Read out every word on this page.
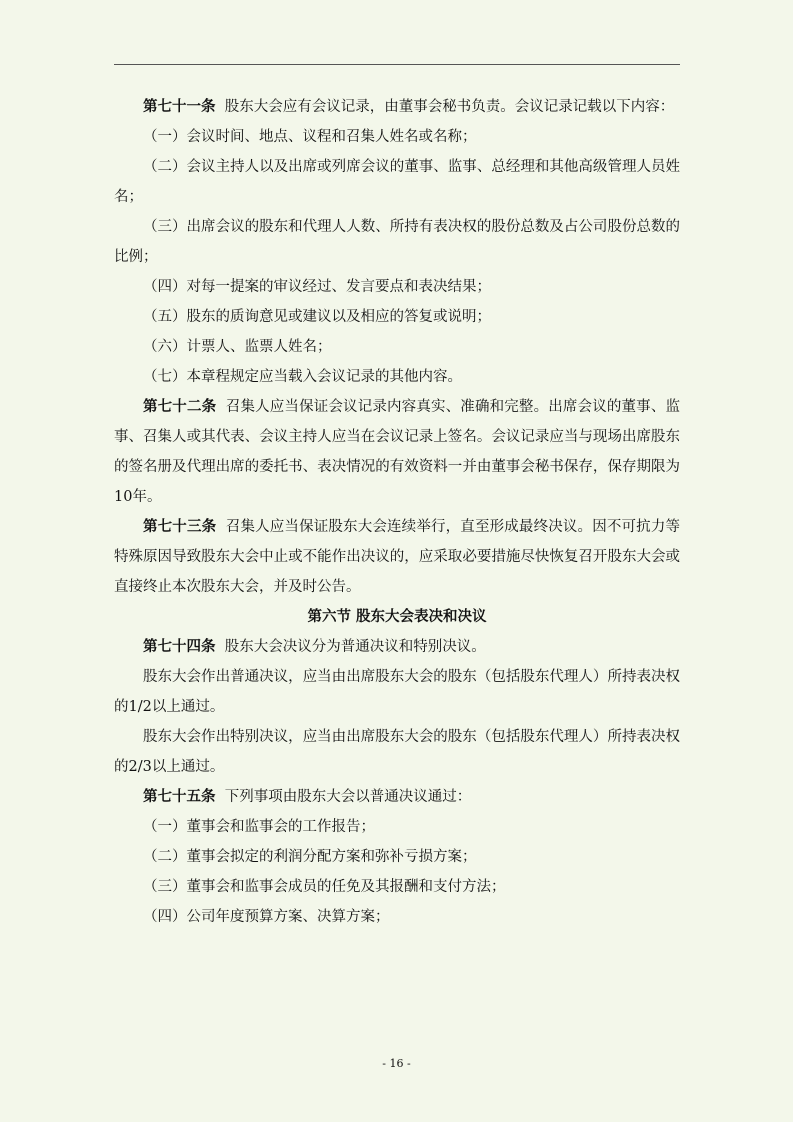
第七十一条 股东大会应有会议记录，由董事会秘书负责。会议记录记载以下内容：

（一）会议时间、地点、议程和召集人姓名或名称；

（二）会议主持人以及出席或列席会议的董事、监事、总经理和其他高级管理人员姓名；

（三）出席会议的股东和代理人人数、所持有表决权的股份总数及占公司股份总数的比例；

（四）对每一提案的审议经过、发言要点和表决结果；

（五）股东的质询意见或建议以及相应的答复或说明；

（六）计票人、监票人姓名；

（七）本章程规定应当载入会议记录的其他内容。

第七十二条 召集人应当保证会议记录内容真实、准确和完整。出席会议的董事、监事、召集人或其代表、会议主持人应当在会议记录上签名。会议记录应当与现场出席股东的签名册及代理出席的委托书、表决情况的有效资料一并由董事会秘书保存，保存期限为10年。

第七十三条 召集人应当保证股东大会连续举行，直至形成最终决议。因不可抗力等特殊原因导致股东大会中止或不能作出决议的，应采取必要措施尽快恢复召开股东大会或直接终止本次股东大会，并及时公告。

第六节 股东大会表决和决议

第七十四条 股东大会决议分为普通决议和特别决议。

股东大会作出普通决议，应当由出席股东大会的股东（包括股东代理人）所持表决权的1/2以上通过。

股东大会作出特别决议，应当由出席股东大会的股东（包括股东代理人）所持表决权的2/3以上通过。

第七十五条 下列事项由股东大会以普通决议通过：

（一）董事会和监事会的工作报告；

（二）董事会拟定的利润分配方案和弥补亏损方案；

（三）董事会和监事会成员的任免及其报酬和支付方法；

（四）公司年度预算方案、决算方案；

- 16 -
